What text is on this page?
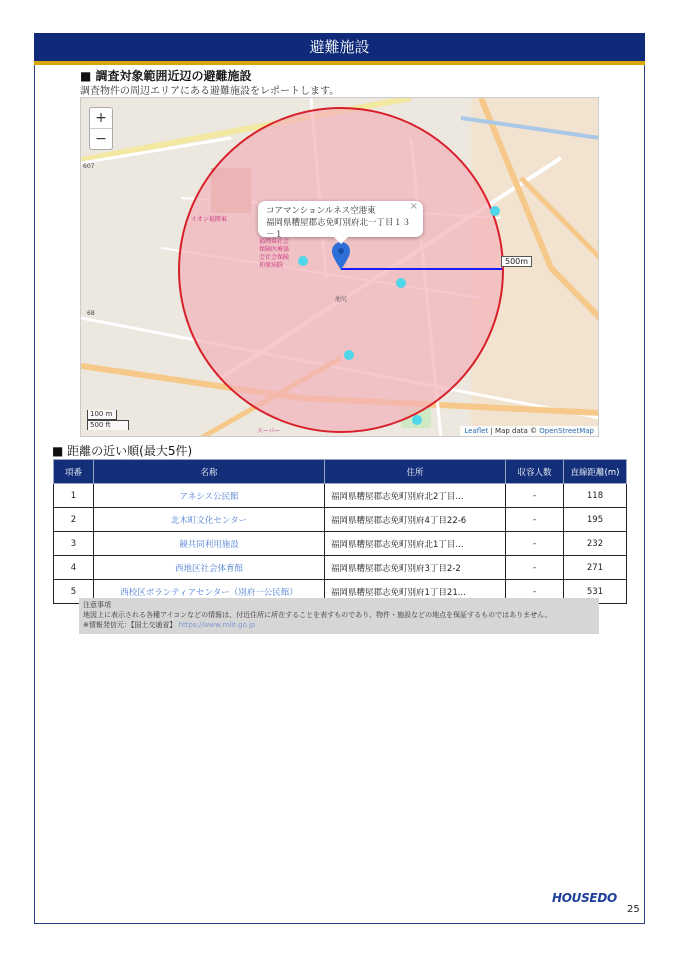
避難施設
■ 調査対象範囲近辺の避難施設
調査物件の周辺エリアにある避難施設をレポートします。
607
68
池尻
スーパー
イオン福岡東
福岡県社会保険医療協会社会保険仲原病院
+
−
×
コアマンションルネス空港東
福岡県糟屋郡志免町別府北一丁目１３－１
500m
100 m
500 ft
Leaflet | Map data © OpenStreetMap
■ 距離の近い順(最大5件)
項番	名称	住所	収容人数	直線距離(m)
1	アネシス公民館	福岡県糟屋郡志免町別府北2丁目...	-	118
2	北木町文化センター	福岡県糟屋郡志免町別府4丁目22-6	-	195
3	競共同利用施設	福岡県糟屋郡志免町別府北1丁目...	-	232
4	西地区社会体育館	福岡県糟屋郡志免町別府3丁目2-2	-	271
5	西校区ボランティアセンター（別府一公民館）	福岡県糟屋郡志免町別府1丁目21...	-	531
注意事項
地図上に表示される各種アイコンなどの情報は、付近住所に所在することを表すものであり、物件・施設などの地点を保証するものではありません。
※情報発信元：【国土交通省】 https://www.mlit.go.jp
HOUSEDO
25
